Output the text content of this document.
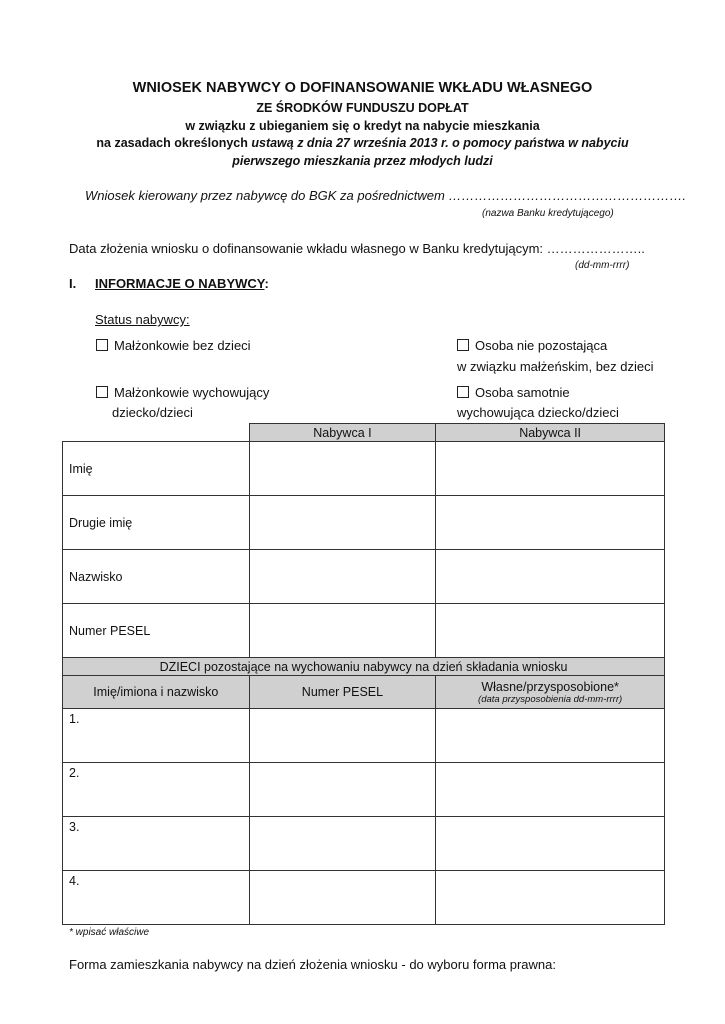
WNIOSEK NABYWCY O DOFINANSOWANIE WKŁADU WŁASNEGO
ZE ŚRODKÓW FUNDUSZU DOPŁAT
w związku z ubieganiem się o kredyt na nabycie mieszkania
na zasadach określonych ustawą z dnia 27 września 2013 r. o pomocy państwa w nabyciu
pierwszego mieszkania przez młodych ludzi
Wniosek kierowany przez nabywcę do BGK za pośrednictwem ……………………………………………….
(nazwa Banku kredytującego)
Data złożenia wniosku o dofinansowanie wkładu własnego w Banku kredytującym: …………………..
(dd-mm-rrrr)
I. INFORMACJE O NABYWCY:
Status nabywcy:
Małżonkowie bez dzieci	Osoba nie pozostająca
w związku małżeńskim, bez dzieci
Małżonkowie wychowujący
dziecko/dzieci
Osoba samotnie
wychowująca dziecko/dzieci
	Nabywca I	Nabywca II
Imię		
Drugie imię		
Nazwisko		
Numer PESEL		
DZIECI pozostające na wychowaniu nabywcy na dzień składania wniosku		
Imię/imiona i nazwisko	Numer PESEL	Własne/przysposobione*
(data przysposobienia dd-mm-rrrr)

1.		
2.		
3.		
4.		
* wpisać właściwe
Forma zamieszkania nabywcy na dzień złożenia wniosku - do wyboru forma prawna:
